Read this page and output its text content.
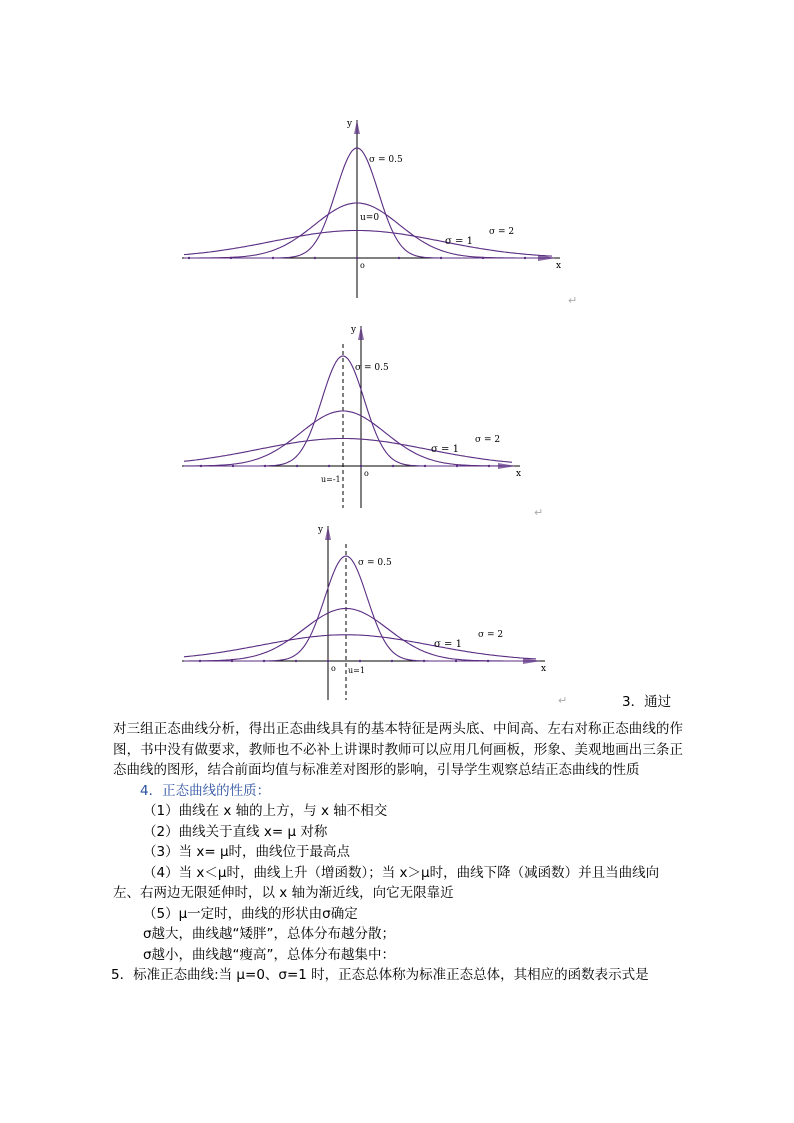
y
x
o
σ = 0.5
σ = 1
σ = 2
u=0
↵
y
x
o
σ = 0.5
σ = 1
σ = 2
u=-1
↵
y
x
o
σ = 0.5
σ = 1
σ = 2
u=1
↵	3．通过
对三组正态曲线分析，得出正态曲线具有的基本特征是两头底、中间高、左右对称正态曲线的作图，书中没有做要求，教师也不必补上讲课时教师可以应用几何画板，形象、美观地画出三条正态曲线的图形，结合前面均值与标准差对图形的影响，引导学生观察总结正态曲线的性质
4．正态曲线的性质：
（1）曲线在 x 轴的上方，与 x 轴不相交
（2）曲线关于直线 x= μ 对称
（3）当 x= μ时，曲线位于最高点
（4）当 x＜μ时，曲线上升（增函数）；当 x＞μ时，曲线下降（减函数）并且当曲线向
左、右两边无限延伸时，以 x 轴为渐近线，向它无限靠近
（5）μ一定时，曲线的形状由σ确定
σ越大，曲线越“矮胖”，总体分布越分散；
σ越小，曲线越“瘦高”，总体分布越集中：
5．标准正态曲线:当 μ=0、σ=1 时，正态总体称为标准正态总体，其相应的函数表示式是
